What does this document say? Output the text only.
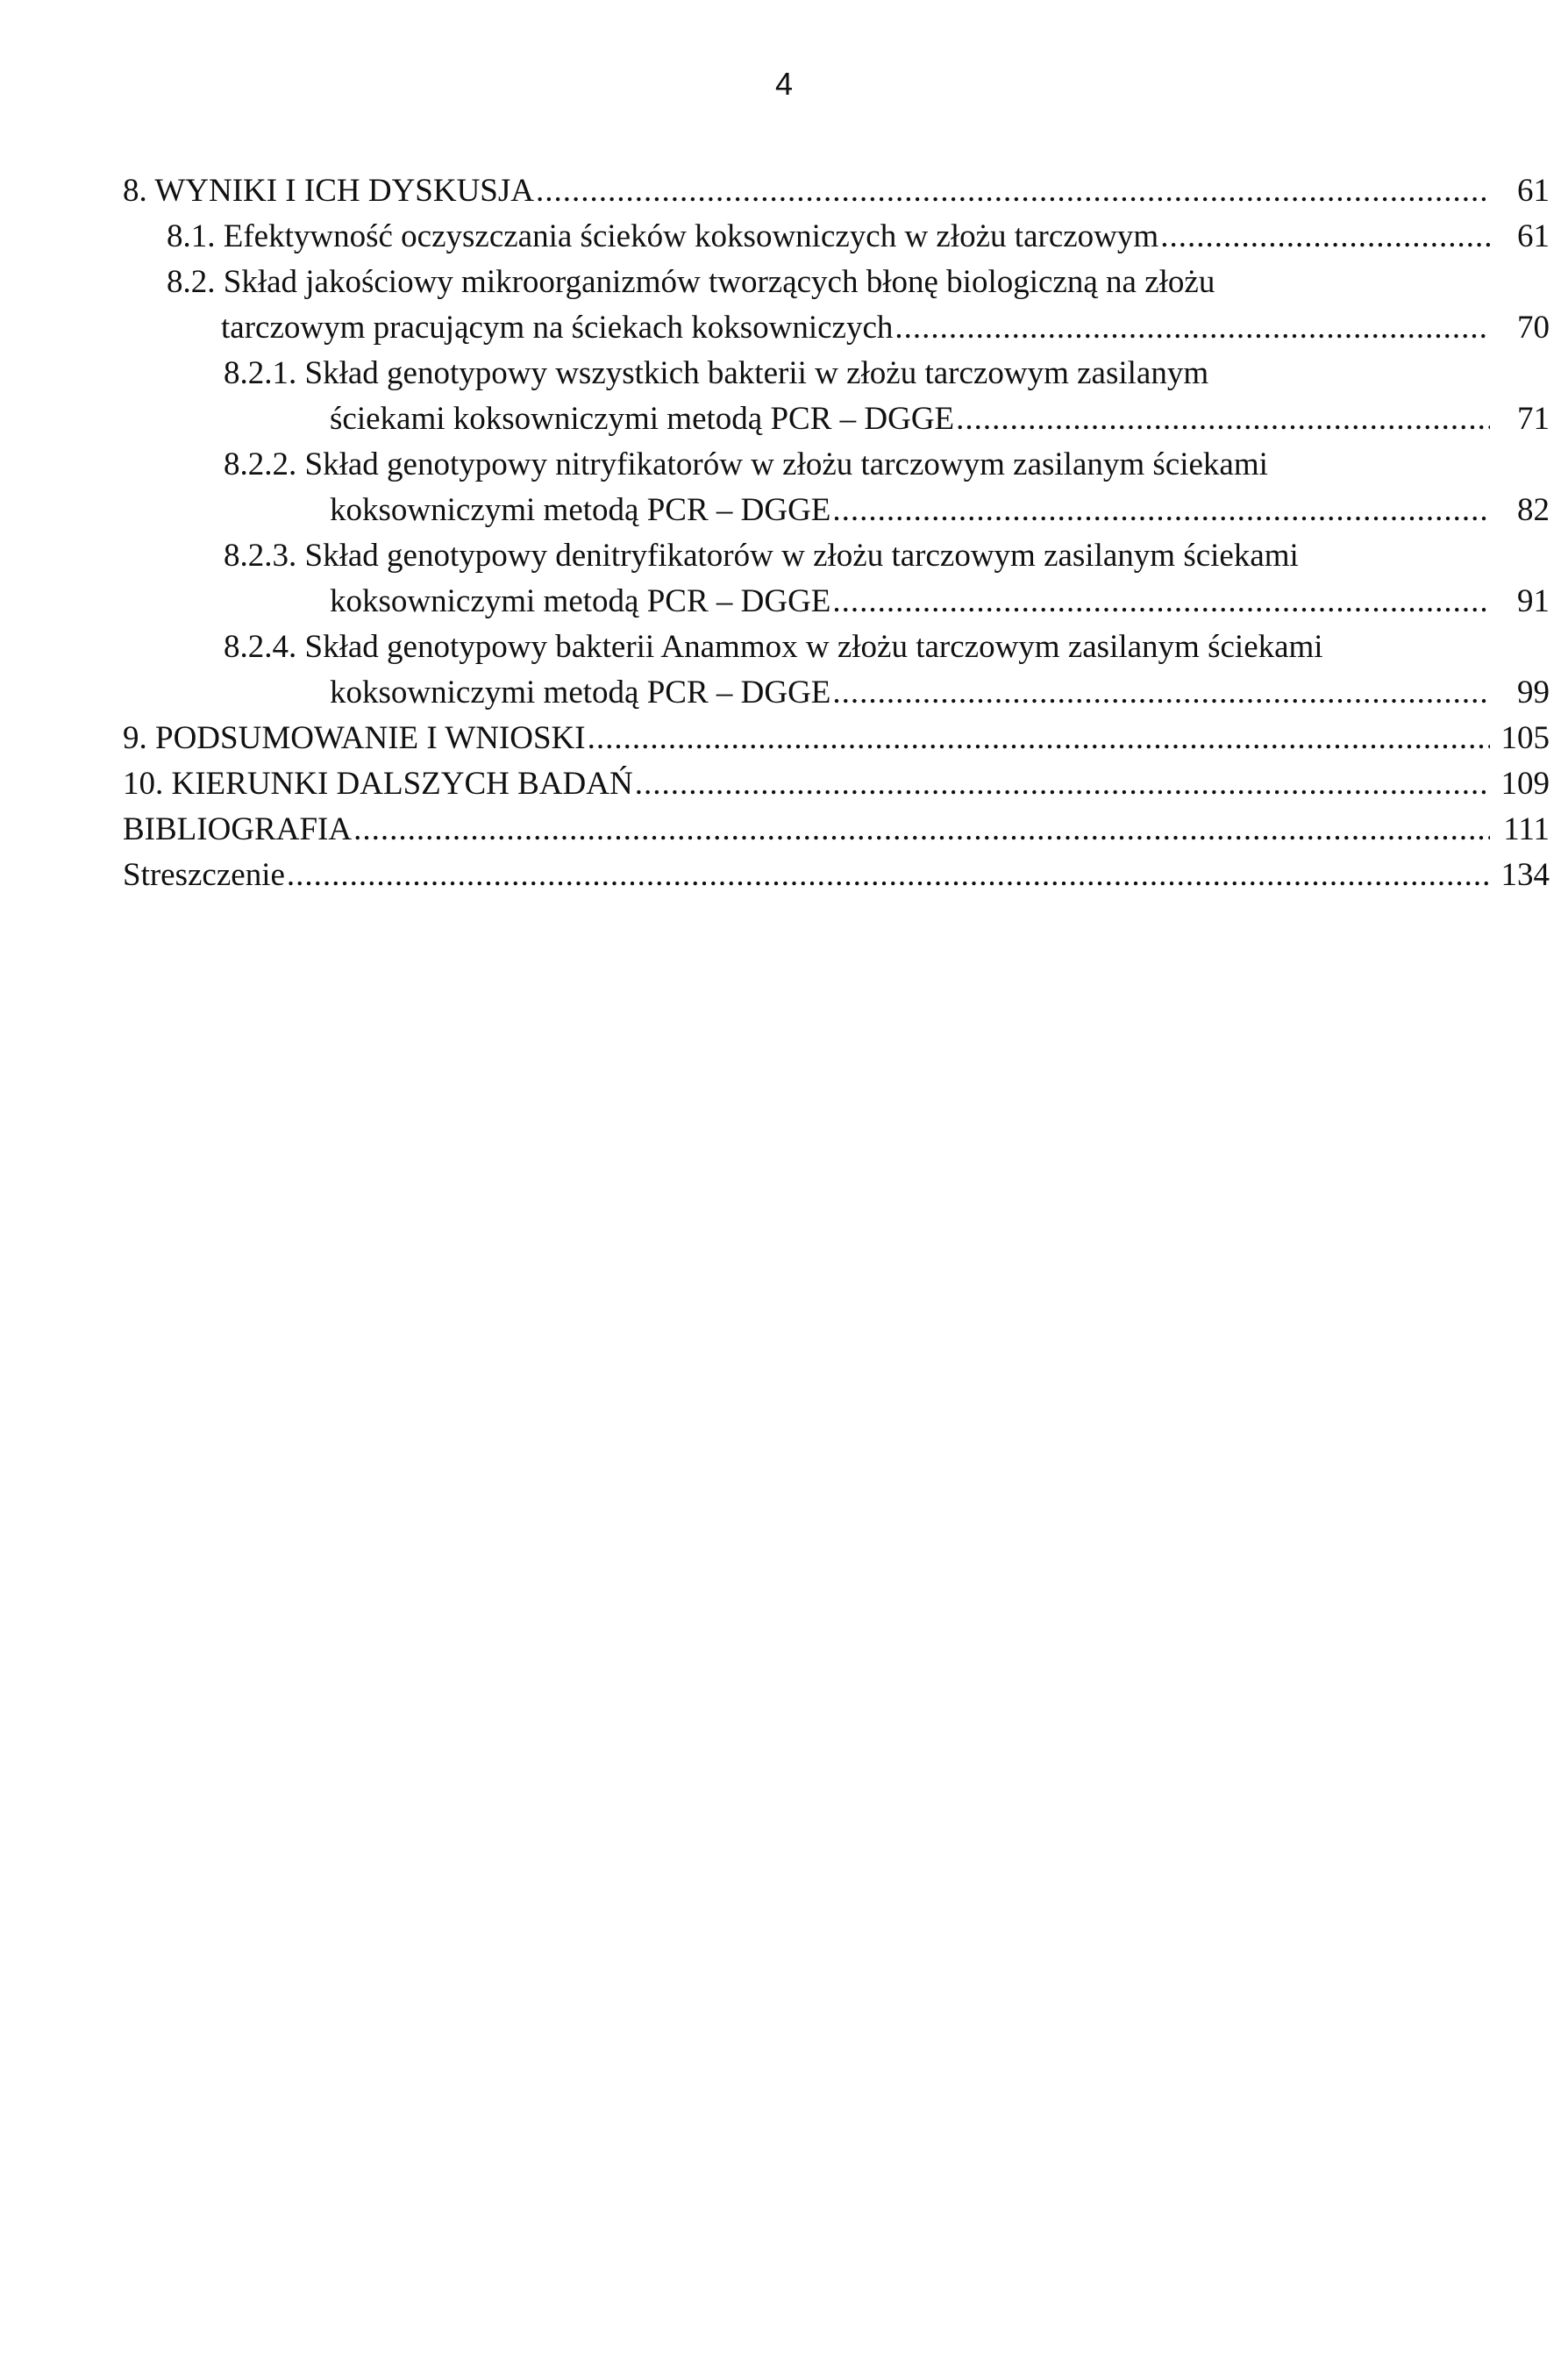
4
8. WYNIKI I ICH DYSKUSJA .....	61
8.1. Efektywność oczyszczania ścieków koksowniczych w złożu tarczowym .....	61
8.2. Skład jakościowy mikroorganizmów tworzących błonę biologiczną na złożu
tarczowym pracującym na ściekach koksowniczych .....	70
8.2.1. Skład genotypowy wszystkich bakterii w złożu tarczowym zasilanym
ściekami koksowniczymi metodą PCR – DGGE .....	71
8.2.2. Skład genotypowy nitryfikatorów w złożu tarczowym zasilanym ściekami
koksowniczymi metodą PCR – DGGE .....	82
8.2.3. Skład genotypowy denitryfikatorów w złożu tarczowym zasilanym ściekami
koksowniczymi metodą PCR – DGGE .....	91
8.2.4. Skład genotypowy bakterii Anammox w złożu tarczowym zasilanym ściekami
koksowniczymi metodą PCR – DGGE .....	99
9. PODSUMOWANIE I WNIOSKI .....	105
10. KIERUNKI DALSZYCH BADAŃ .....	109
BIBLIOGRAFIA .....	111
Streszczenie .....	134
